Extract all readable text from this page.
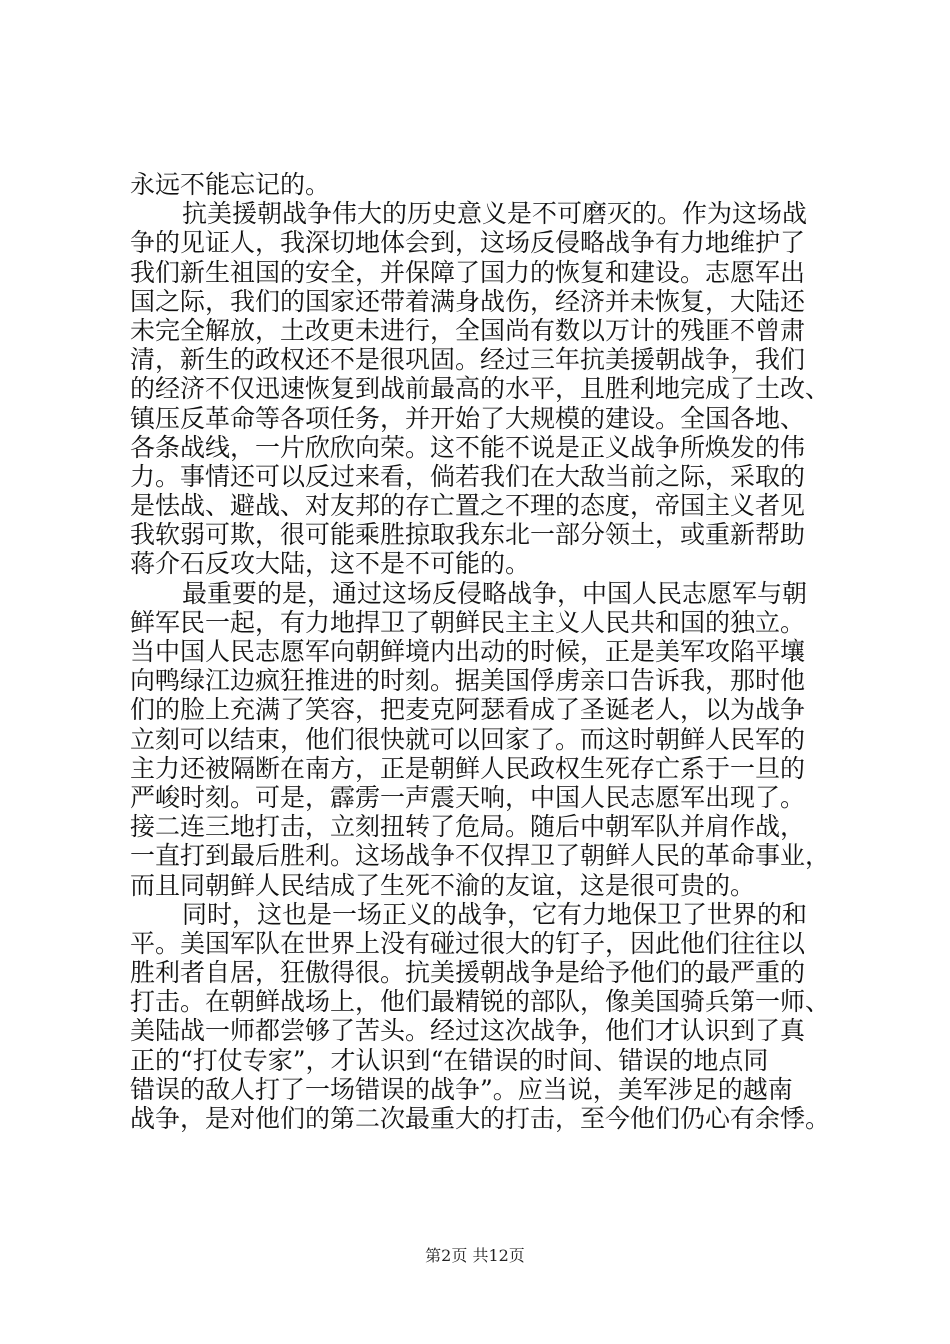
永远不能忘记的。
抗美援朝战争伟大的历史意义是不可磨灭的。作为这场战
争的见证人，我深切地体会到，这场反侵略战争有力地维护了
我们新生祖国的安全，并保障了国力的恢复和建设。志愿军出
国之际，我们的国家还带着满身战伤，经济并未恢复，大陆还
未完全解放，土改更未进行，全国尚有数以万计的残匪不曾肃
清，新生的政权还不是很巩固。经过三年抗美援朝战争，我们
的经济不仅迅速恢复到战前最高的水平，且胜利地完成了土改、
镇压反革命等各项任务，并开始了大规模的建设。全国各地、
各条战线，一片欣欣向荣。这不能不说是正义战争所焕发的伟
力。事情还可以反过来看，倘若我们在大敌当前之际，采取的
是怯战、避战、对友邦的存亡置之不理的态度，帝国主义者见
我软弱可欺，很可能乘胜掠取我东北一部分领土，或重新帮助
蒋介石反攻大陆，这不是不可能的。
最重要的是，通过这场反侵略战争，中国人民志愿军与朝
鲜军民一起，有力地捍卫了朝鲜民主主义人民共和国的独立。
当中国人民志愿军向朝鲜境内出动的时候，正是美军攻陷平壤
向鸭绿江边疯狂推进的时刻。据美国俘虏亲口告诉我，那时他
们的脸上充满了笑容，把麦克阿瑟看成了圣诞老人，以为战争
立刻可以结束，他们很快就可以回家了。而这时朝鲜人民军的
主力还被隔断在南方，正是朝鲜人民政权生死存亡系于一旦的
严峻时刻。可是，霹雳一声震天响，中国人民志愿军出现了。
接二连三地打击，立刻扭转了危局。随后中朝军队并肩作战，
一直打到最后胜利。这场战争不仅捍卫了朝鲜人民的革命事业，
而且同朝鲜人民结成了生死不渝的友谊，这是很可贵的。
同时，这也是一场正义的战争，它有力地保卫了世界的和
平。美国军队在世界上没有碰过很大的钉子，因此他们往往以
胜利者自居，狂傲得很。抗美援朝战争是给予他们的最严重的
打击。在朝鲜战场上，他们最精锐的部队，像美国骑兵第一师、
美陆战一师都尝够了苦头。经过这次战争，他们才认识到了真
正的“打仗专家”，才认识到“在错误的时间、错误的地点同
错误的敌人打了一场错误的战争”。应当说，美军涉足的越南
战争，是对他们的第二次最重大的打击，至今他们仍心有余悸。
第2页 共12页
